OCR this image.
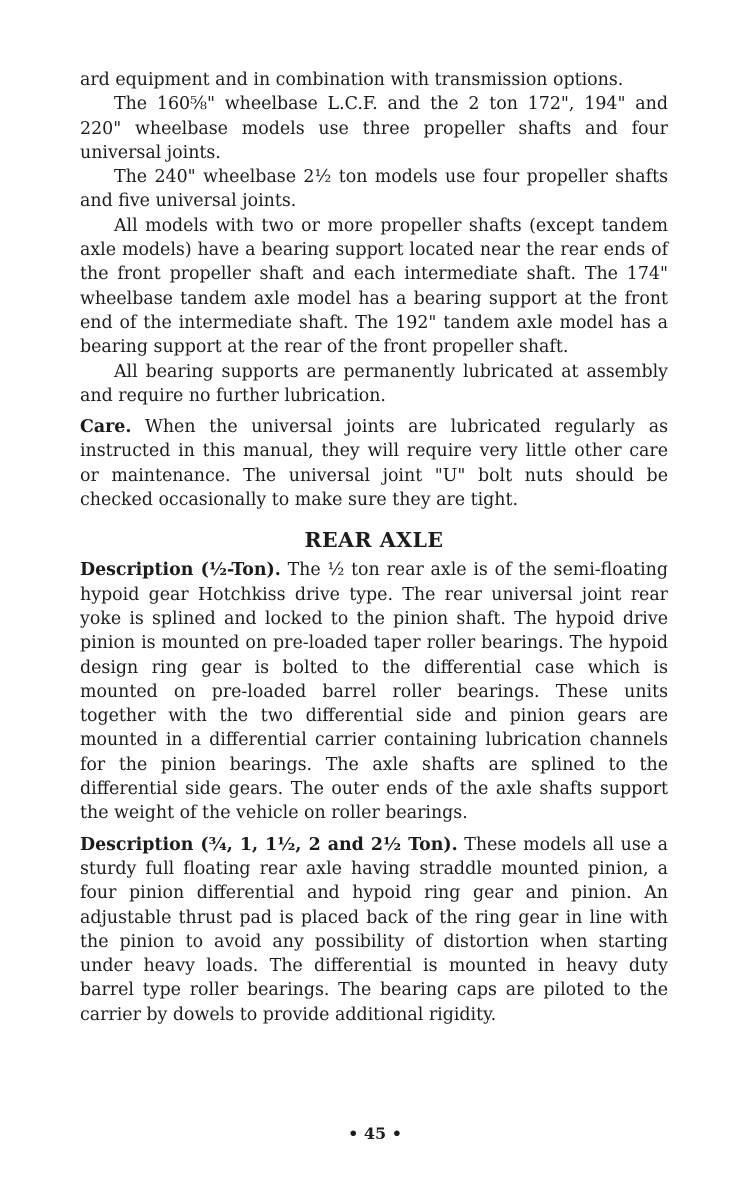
ard equipment and in combination with transmission options.

The 160⅝" wheelbase L.C.F. and the 2 ton 172", 194" and 220" wheelbase models use three propeller shafts and four universal joints.

The 240" wheelbase 2½ ton models use four propeller shafts and five universal joints.

All models with two or more propeller shafts (except tandem axle models) have a bearing support located near the rear ends of the front propeller shaft and each intermediate shaft. The 174" wheelbase tandem axle model has a bearing support at the front end of the intermediate shaft. The 192" tandem axle model has a bearing support at the rear of the front propeller shaft.

All bearing supports are permanently lubricated at assembly and require no further lubrication.

Care. When the universal joints are lubricated regularly as instructed in this manual, they will require very little other care or maintenance. The universal joint "U" bolt nuts should be checked occasionally to make sure they are tight.

REAR AXLE

Description (½-Ton). The ½ ton rear axle is of the semi-floating hypoid gear Hotchkiss drive type. The rear universal joint rear yoke is splined and locked to the pinion shaft. The hypoid drive pinion is mounted on pre-loaded taper roller bearings. The hypoid design ring gear is bolted to the differential case which is mounted on pre-loaded barrel roller bearings. These units together with the two differential side and pinion gears are mounted in a differential carrier containing lubrication channels for the pinion bearings. The axle shafts are splined to the differential side gears. The outer ends of the axle shafts support the weight of the vehicle on roller bearings.

Description (¾, 1, 1½, 2 and 2½ Ton). These models all use a sturdy full floating rear axle having straddle mounted pinion, a four pinion differential and hypoid ring gear and pinion. An adjustable thrust pad is placed back of the ring gear in line with the pinion to avoid any possibility of distortion when starting under heavy loads. The differential is mounted in heavy duty barrel type roller bearings. The bearing caps are piloted to the carrier by dowels to provide additional rigidity.

• 45 •
